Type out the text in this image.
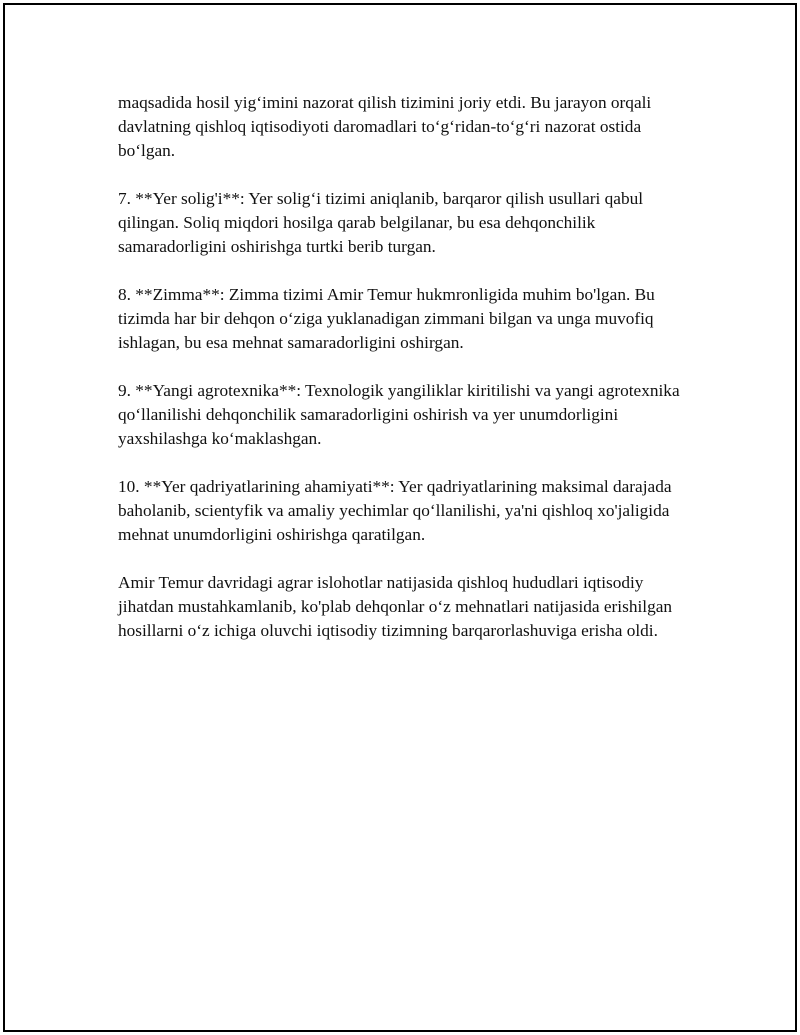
maqsadida hosil yig‘imini nazorat qilish tizimini joriy etdi. Bu jarayon orqali davlatning qishloq iqtisodiyoti daromadlari to‘g‘ridan-to‘g‘ri nazorat ostida bo‘lgan.

7. **Yer solig'i**: Yer solig‘i tizimi aniqlanib, barqaror qilish usullari qabul qilingan. Soliq miqdori hosilga qarab belgilanar, bu esa dehqonchilik samaradorligini oshirishga turtki berib turgan.

8. **Zimma**: Zimma tizimi Amir Temur hukmronligida muhim bo'lgan. Bu tizimda har bir dehqon o‘ziga yuklanadigan zimmani bilgan va unga muvofiq ishlagan, bu esa mehnat samaradorligini oshirgan.

9. **Yangi agrotexnika**: Texnologik yangiliklar kiritilishi va yangi agrotexnika qo‘llanilishi dehqonchilik samaradorligini oshirish va yer unumdorligini yaxshilashga ko‘maklashgan.

10. **Yer qadriyatlarining ahamiyati**: Yer qadriyatlarining maksimal darajada baholanib, scientyfik va amaliy yechimlar qo‘llanilishi, ya'ni qishloq xo'jaligida mehnat unumdorligini oshirishga qaratilgan.

Amir Temur davridagi agrar islohotlar natijasida qishloq hududlari iqtisodiy jihatdan mustahkamlanib, ko'plab dehqonlar o‘z mehnatlari natijasida erishilgan hosillarni o‘z ichiga oluvchi iqtisodiy tizimning barqarorlashuviga erisha oldi.
